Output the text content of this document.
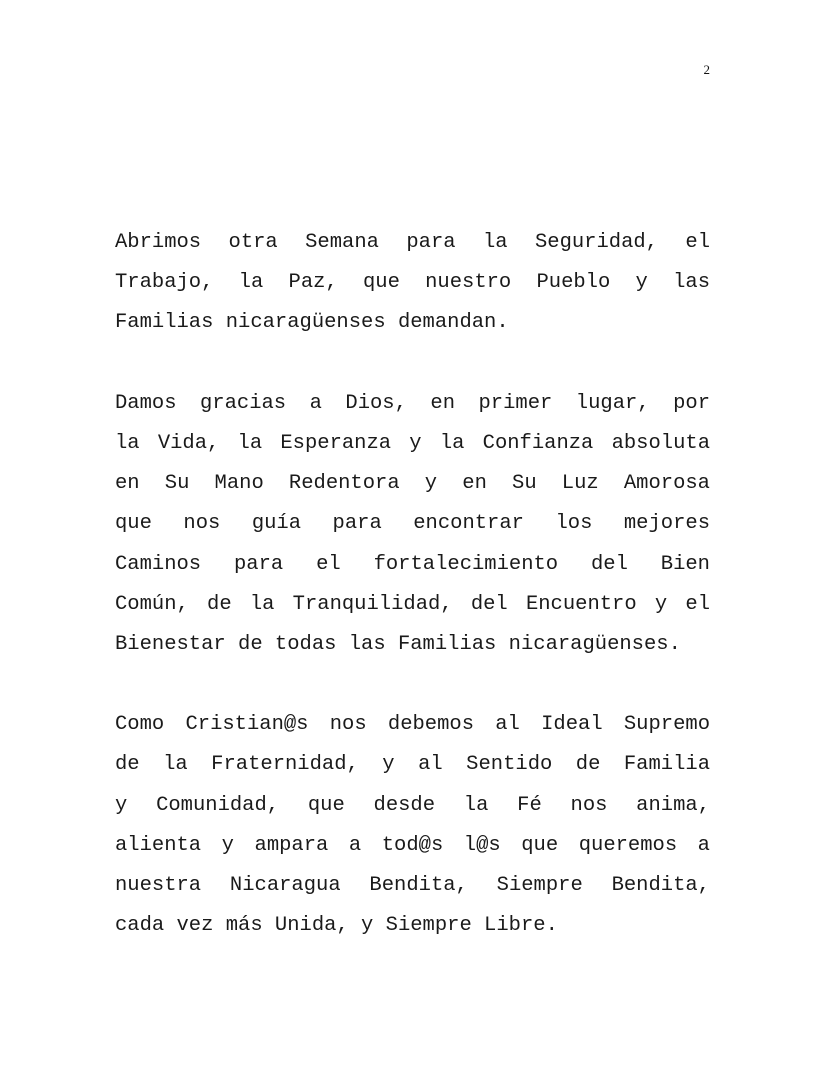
2

Abrimos otra Semana para la Seguridad, el
Trabajo, la Paz, que nuestro Pueblo y las
Familias nicaragüenses demandan.

Damos gracias a Dios, en primer lugar, por
la Vida, la Esperanza y la Confianza absoluta
en Su Mano Redentora y en Su Luz Amorosa
que nos guía para encontrar los mejores
Caminos para el fortalecimiento del Bien
Común, de la Tranquilidad, del Encuentro y el
Bienestar de todas las Familias nicaragüenses.

Como Cristian@s nos debemos al Ideal Supremo
de la Fraternidad, y al Sentido de Familia
y Comunidad, que desde la Fé nos anima,
alienta y ampara a tod@s l@s que queremos a
nuestra Nicaragua Bendita, Siempre Bendita,
cada vez más Unida, y Siempre Libre.
